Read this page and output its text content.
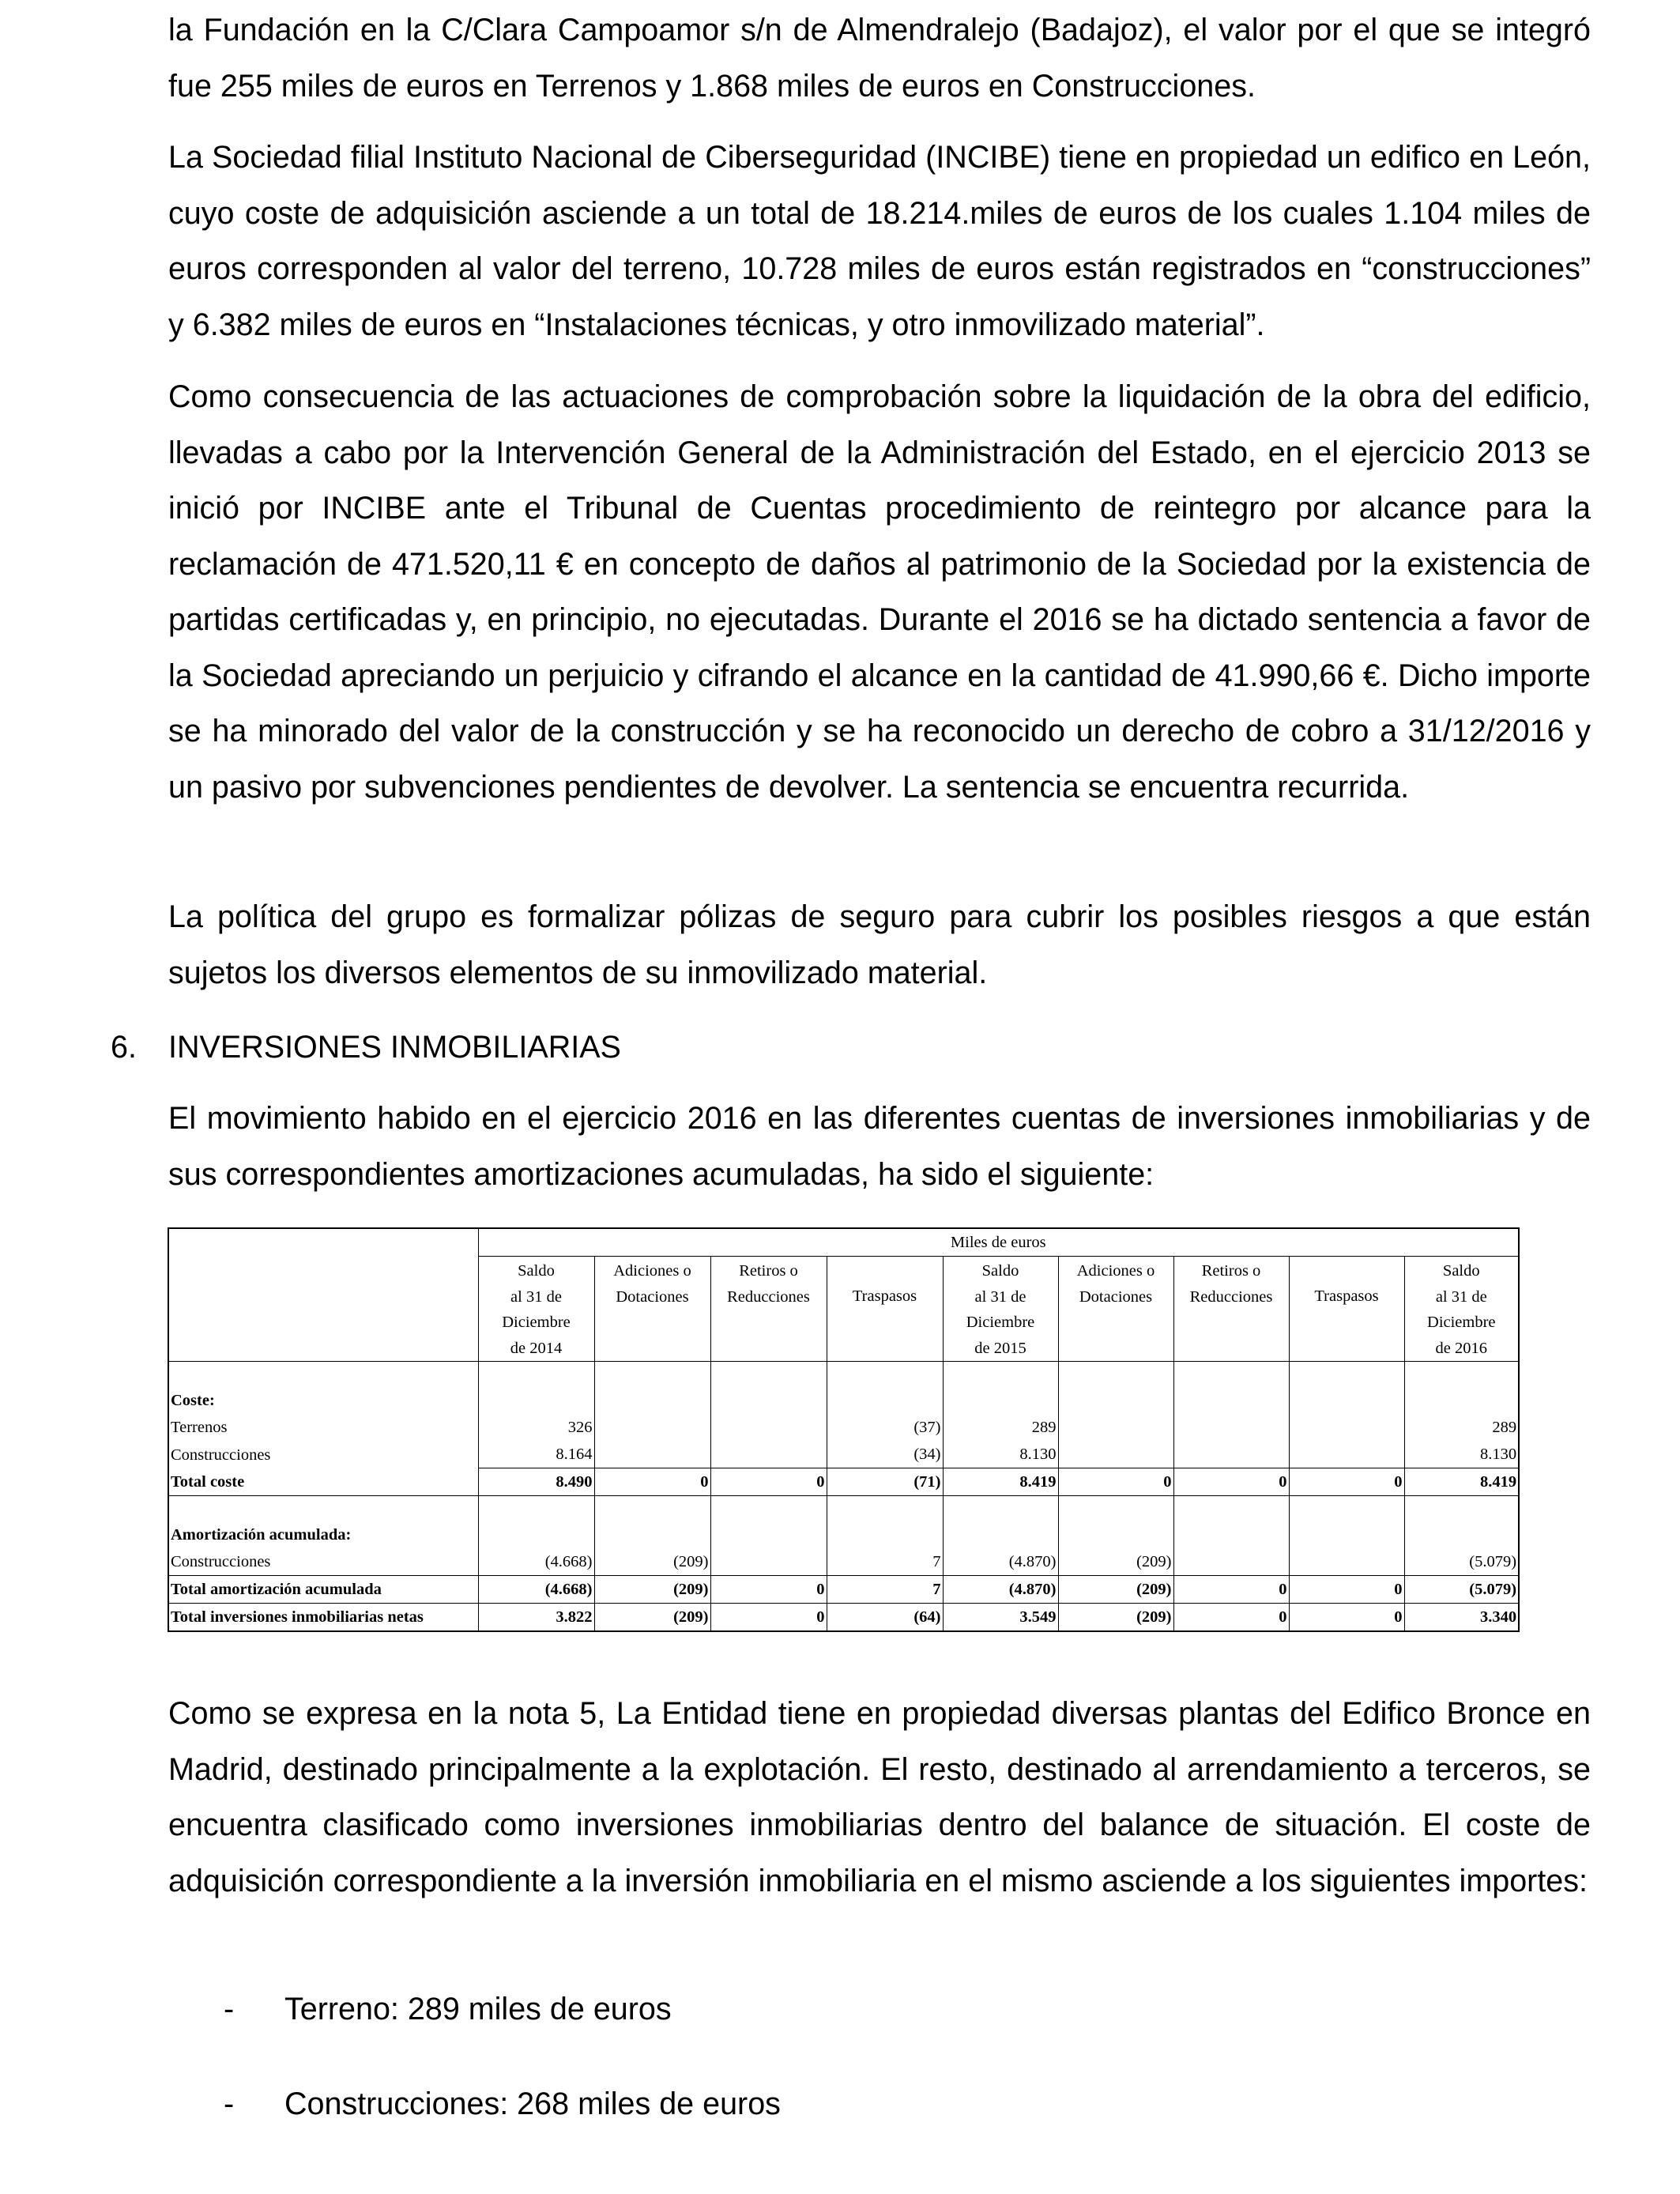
la Fundación en la C/Clara Campoamor s/n de Almendralejo (Badajoz), el valor por el que se integró fue 255 miles de euros en Terrenos y 1.868 miles de euros en Construcciones.

La Sociedad filial Instituto Nacional de Ciberseguridad (INCIBE) tiene en propiedad un edifico en León, cuyo coste de adquisición asciende a un total de 18.214.miles de euros de los cuales 1.104 miles de euros corresponden al valor del terreno, 10.728 miles de euros están registrados en “construcciones” y 6.382 miles de euros en “Instalaciones técnicas, y otro inmovilizado material”.

Como consecuencia de las actuaciones de comprobación sobre la liquidación de la obra del edificio, llevadas a cabo por la Intervención General de la Administración del Estado, en el ejercicio 2013 se inició por INCIBE ante el Tribunal de Cuentas procedimiento de reintegro por alcance para la reclamación de 471.520,11 € en concepto de daños al patrimonio de la Sociedad por la existencia de partidas certificadas y, en principio, no ejecutadas. Durante el 2016 se ha dictado sentencia a favor de la Sociedad apreciando un perjuicio y cifrando el alcance en la cantidad de 41.990,66 €. Dicho importe se ha minorado del valor de la construcción y se ha reconocido un derecho de cobro a 31/12/2016 y un pasivo por subvenciones pendientes de devolver. La sentencia se encuentra recurrida.

La política del grupo es formalizar pólizas de seguro para cubrir los posibles riesgos a que están sujetos los diversos elementos de su inmovilizado material.

6. INVERSIONES INMOBILIARIAS

El movimiento habido en el ejercicio 2016 en las diferentes cuentas de inversiones inmobiliarias y de sus correspondientes amortizaciones acumuladas, ha sido el siguiente:

	Miles de euros								
	Saldo
al 31 de
Diciembre
de 2014	Adiciones o
Dotaciones	Retiros o
Reducciones	Traspasos	Saldo
al 31 de
Diciembre
de 2015	Adiciones o
Dotaciones	Retiros o
Reducciones	Traspasos	Saldo
al 31 de
Diciembre
de 2016

Coste:									
Terrenos	326			(37)	289				289
Construcciones	8.164			(34)	8.130				8.130
Total coste	8.490	0	0	(71)	8.419	0	0	0	8.419

Amortización acumulada:									
Construcciones	(4.668)	(209)		7	(4.870)	(209)			(5.079)
Total amortización acumulada	(4.668)	(209)	0	7	(4.870)	(209)	0	0	(5.079)
Total inversiones inmobiliarias netas	3.822	(209)	0	(64)	3.549	(209)	0	0	3.340

Como se expresa en la nota 5, La Entidad tiene en propiedad diversas plantas del Edifico Bronce en Madrid, destinado principalmente a la explotación. El resto, destinado al arrendamiento a terceros, se encuentra clasificado como inversiones inmobiliarias dentro del balance de situación. El coste de adquisición correspondiente a la inversión inmobiliaria en el mismo asciende a los siguientes importes:

- Terreno: 289 miles de euros
- Construcciones: 268 miles de euros
